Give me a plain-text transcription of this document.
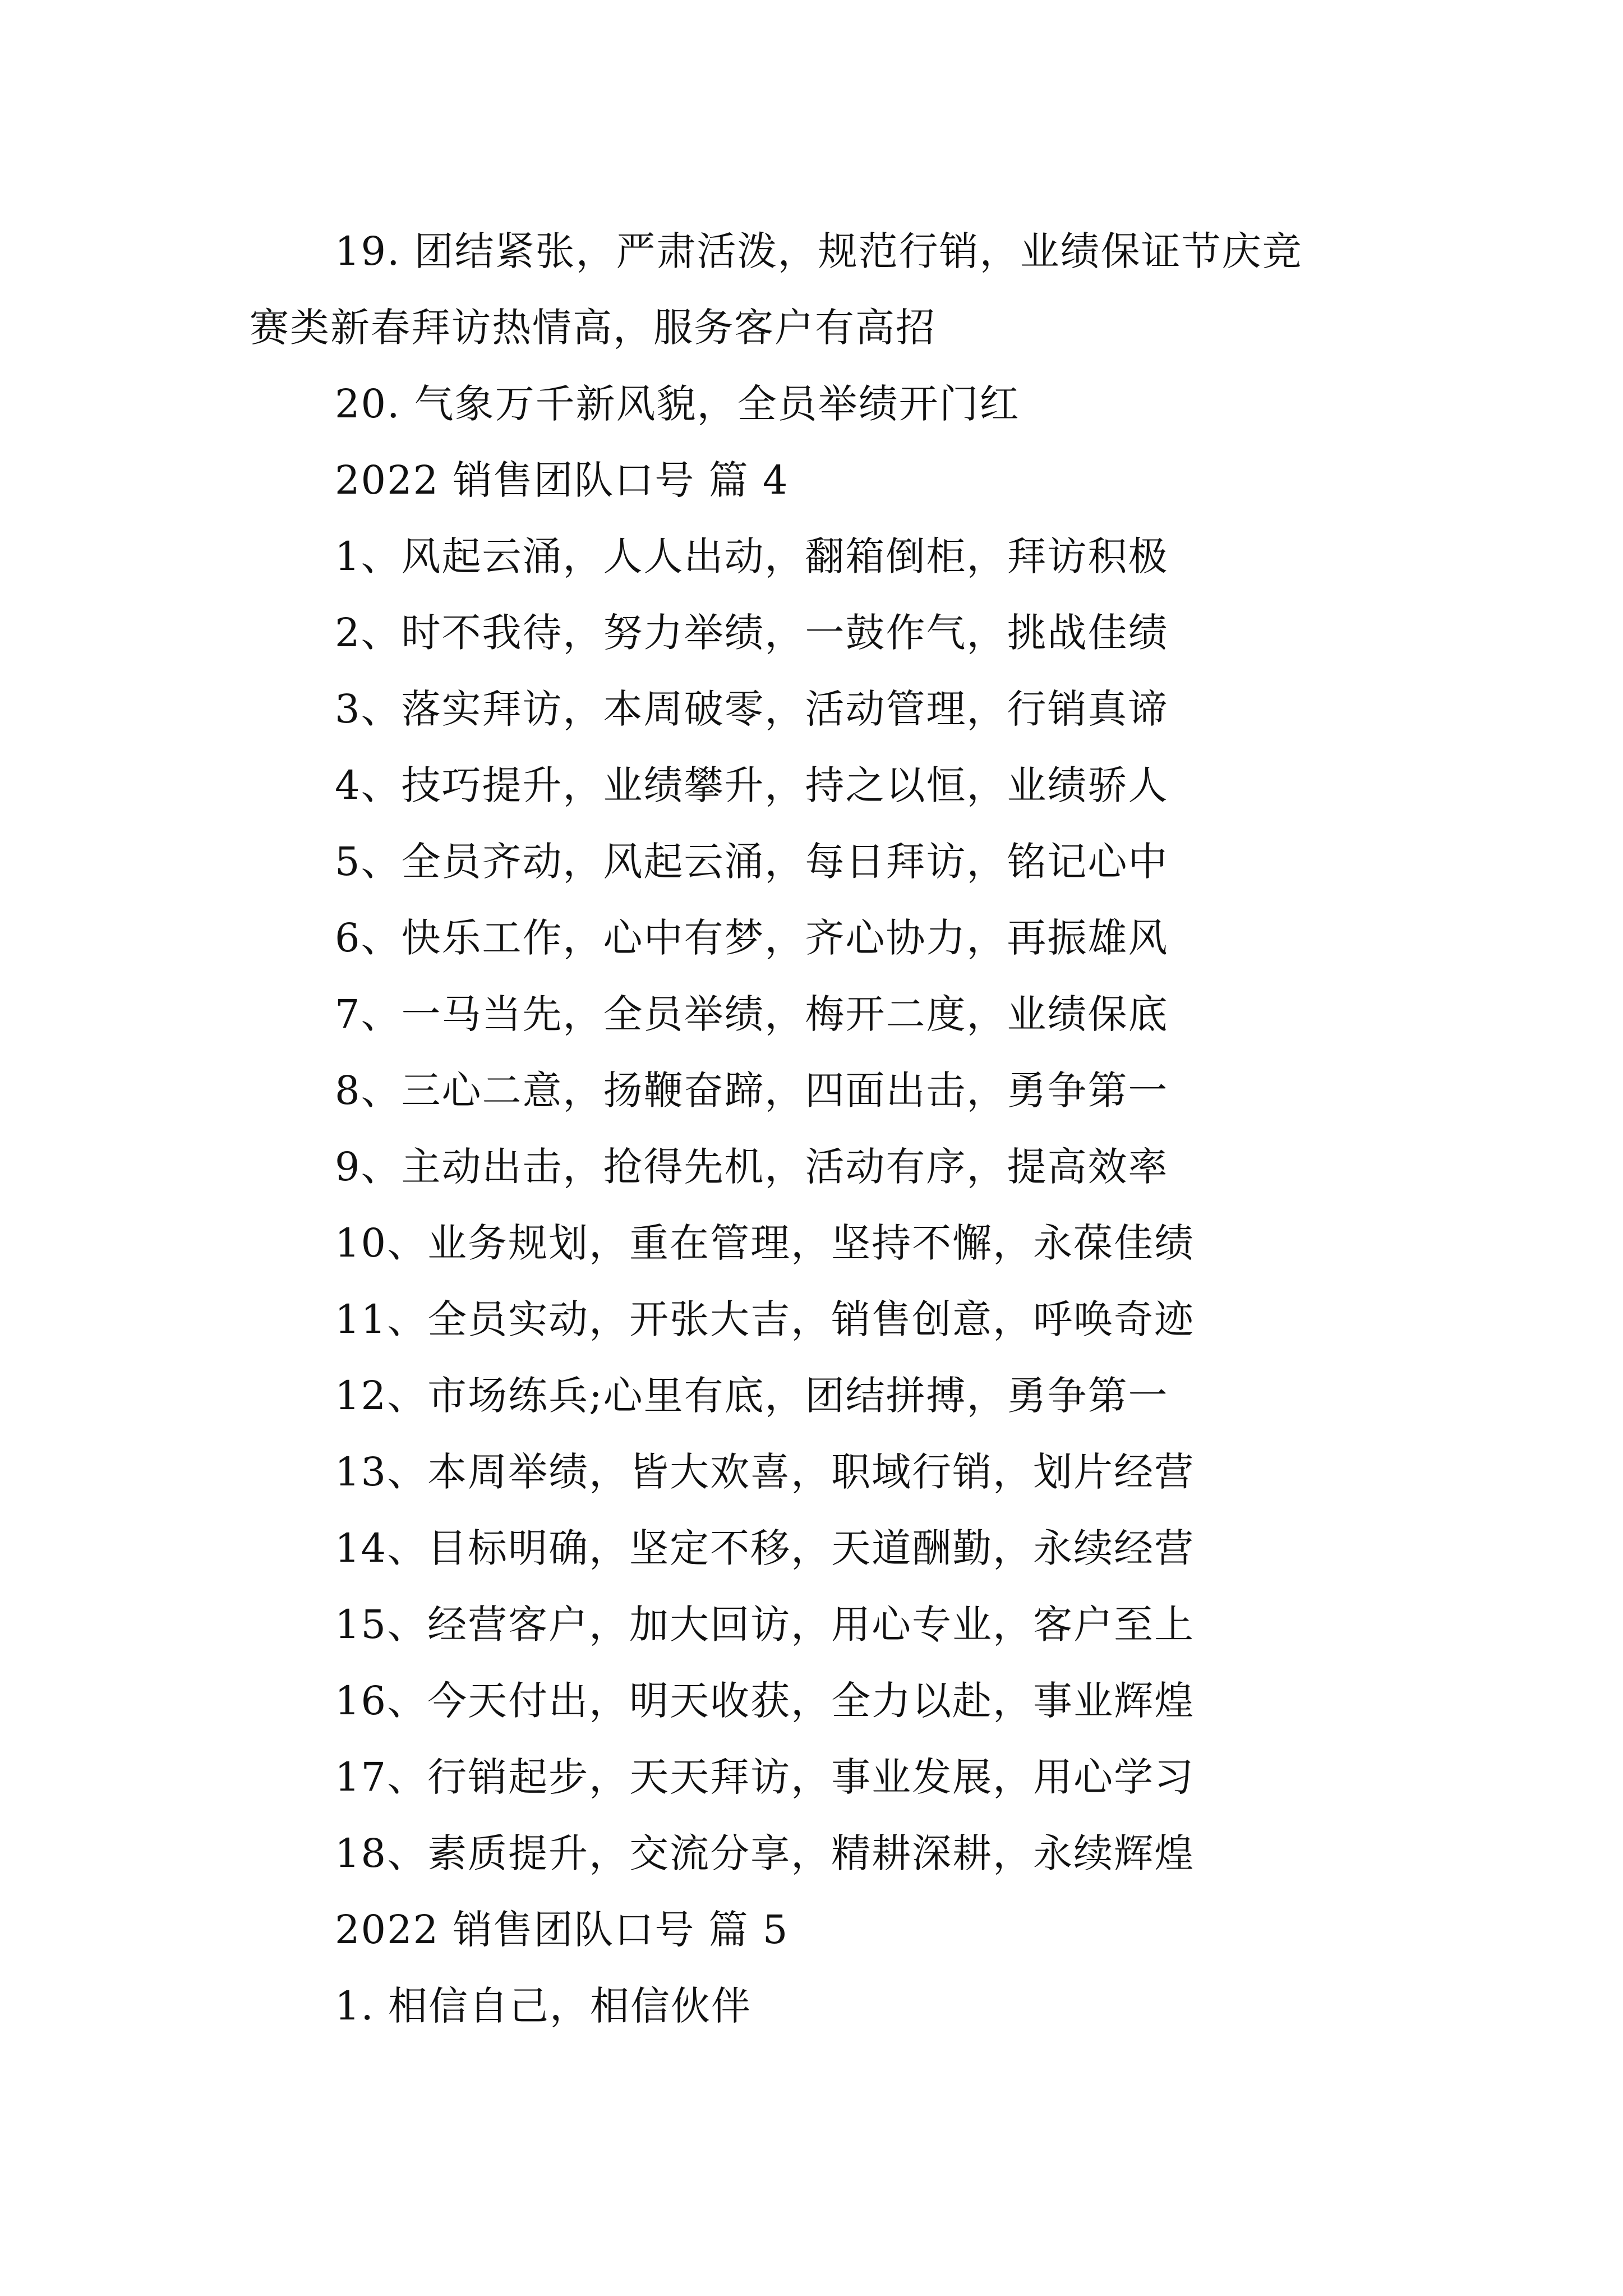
19. 团结紧张，严肃活泼，规范行销，业绩保证节庆竞
赛类新春拜访热情高，服务客户有高招
20. 气象万千新风貌，全员举绩开门红
2022 销售团队口号 篇 4
1、风起云涌，人人出动，翻箱倒柜，拜访积极
2、时不我待，努力举绩，一鼓作气，挑战佳绩
3、落实拜访，本周破零，活动管理，行销真谛
4、技巧提升，业绩攀升，持之以恒，业绩骄人
5、全员齐动，风起云涌，每日拜访，铭记心中
6、快乐工作，心中有梦，齐心协力，再振雄风
7、一马当先，全员举绩，梅开二度，业绩保底
8、三心二意，扬鞭奋蹄，四面出击，勇争第一
9、主动出击，抢得先机，活动有序，提高效率
10、业务规划，重在管理，坚持不懈，永葆佳绩
11、全员实动，开张大吉，销售创意，呼唤奇迹
12、市场练兵;心里有底，团结拼搏，勇争第一
13、本周举绩，皆大欢喜，职域行销，划片经营
14、目标明确，坚定不移，天道酬勤，永续经营
15、经营客户，加大回访，用心专业，客户至上
16、今天付出，明天收获，全力以赴，事业辉煌
17、行销起步，天天拜访，事业发展，用心学习
18、素质提升，交流分享，精耕深耕，永续辉煌
2022 销售团队口号 篇 5
1. 相信自己，相信伙伴
